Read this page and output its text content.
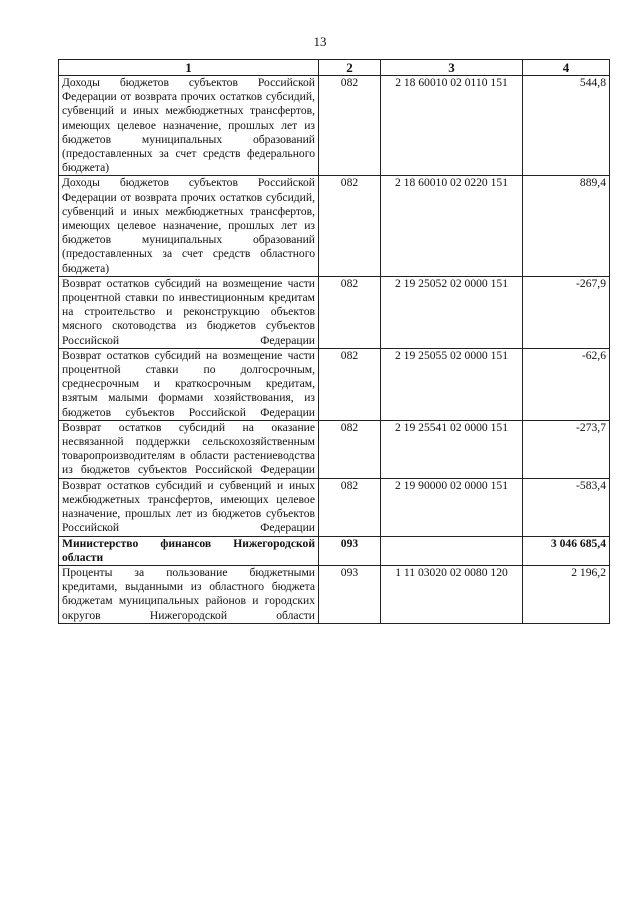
13
1	2	3	4
Доходы бюджетов субъектов Российской Федерации от возврата прочих остатков субсидий, субвенций и иных межбюджетных трансфертов, имеющих целевое назначение, прошлых лет из бюджетов муниципальных образований (предоставленных за счет средств федерального бюджета)	082	2 18 60010 02 0110 151	544,8
Доходы бюджетов субъектов Российской Федерации от возврата прочих остатков субсидий, субвенций и иных межбюджетных трансфертов, имеющих целевое назначение, прошлых лет из бюджетов муниципальных образований (предоставленных за счет средств областного бюджета)	082	2 18 60010 02 0220 151	889,4
Возврат остатков субсидий на возмещение части процентной ставки по инвестиционным кредитам на строительство и реконструкцию объектов мясного скотоводства из бюджетов субъектов Российской Федерации	082	2 19 25052 02 0000 151	-267,9
Возврат остатков субсидий на возмещение части процентной ставки по долгосрочным, среднесрочным и краткосрочным кредитам, взятым малыми формами хозяйствования, из бюджетов субъектов Российской Федерации	082	2 19 25055 02 0000 151	-62,6
Возврат остатков субсидий на оказание несвязанной поддержки сельскохозяйственным товаропроизводителям в области растениеводства из бюджетов субъектов Российской Федерации	082	2 19 25541 02 0000 151	-273,7
Возврат остатков субсидий и субвенций и иных межбюджетных трансфертов, имеющих целевое назначение, прошлых лет из бюджетов субъектов Российской Федерации	082	2 19 90000 02 0000 151	-583,4
Министерство финансов Нижегородской области	093		3 046 685,4
Проценты за пользование бюджетными кредитами, выданными из областного бюджета бюджетам муниципальных районов и городских округов Нижегородской области	093	1 11 03020 02 0080 120	2 196,2
